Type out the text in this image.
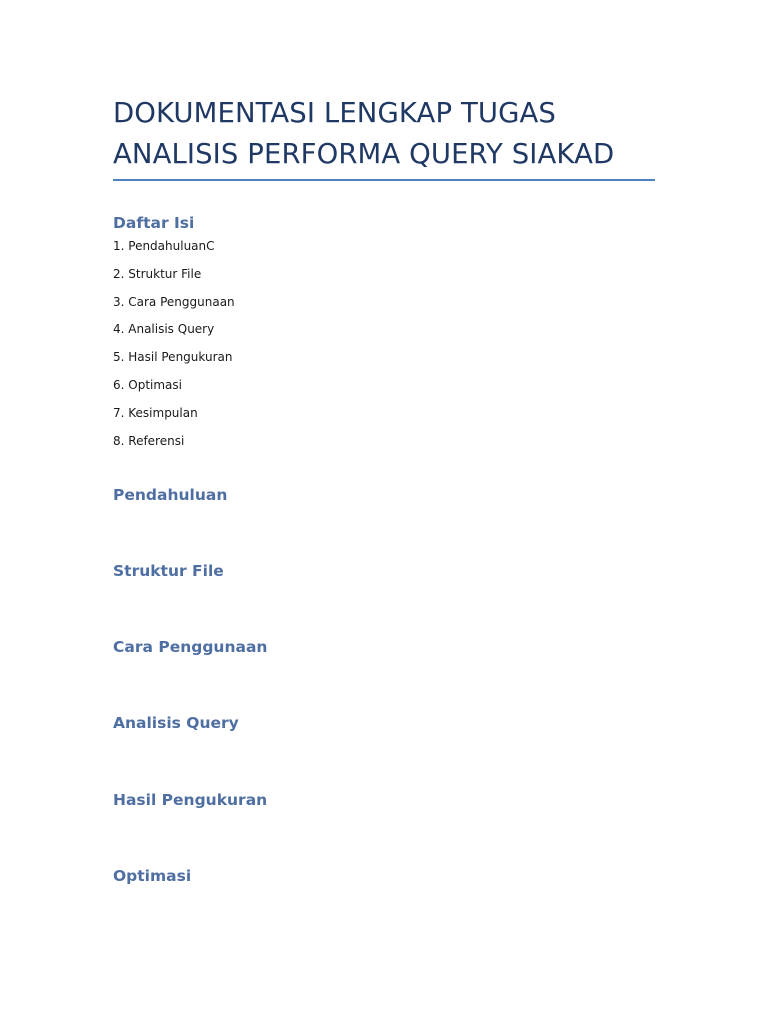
DOKUMENTASI LENGKAP TUGAS
ANALISIS PERFORMA QUERY SIAKAD
Daftar Isi
1. PendahuluanC
2. Struktur File
3. Cara Penggunaan
4. Analisis Query
5. Hasil Pengukuran
6. Optimasi
7. Kesimpulan
8. Referensi
Pendahuluan
Struktur File
Cara Penggunaan
Analisis Query
Hasil Pengukuran
Optimasi
